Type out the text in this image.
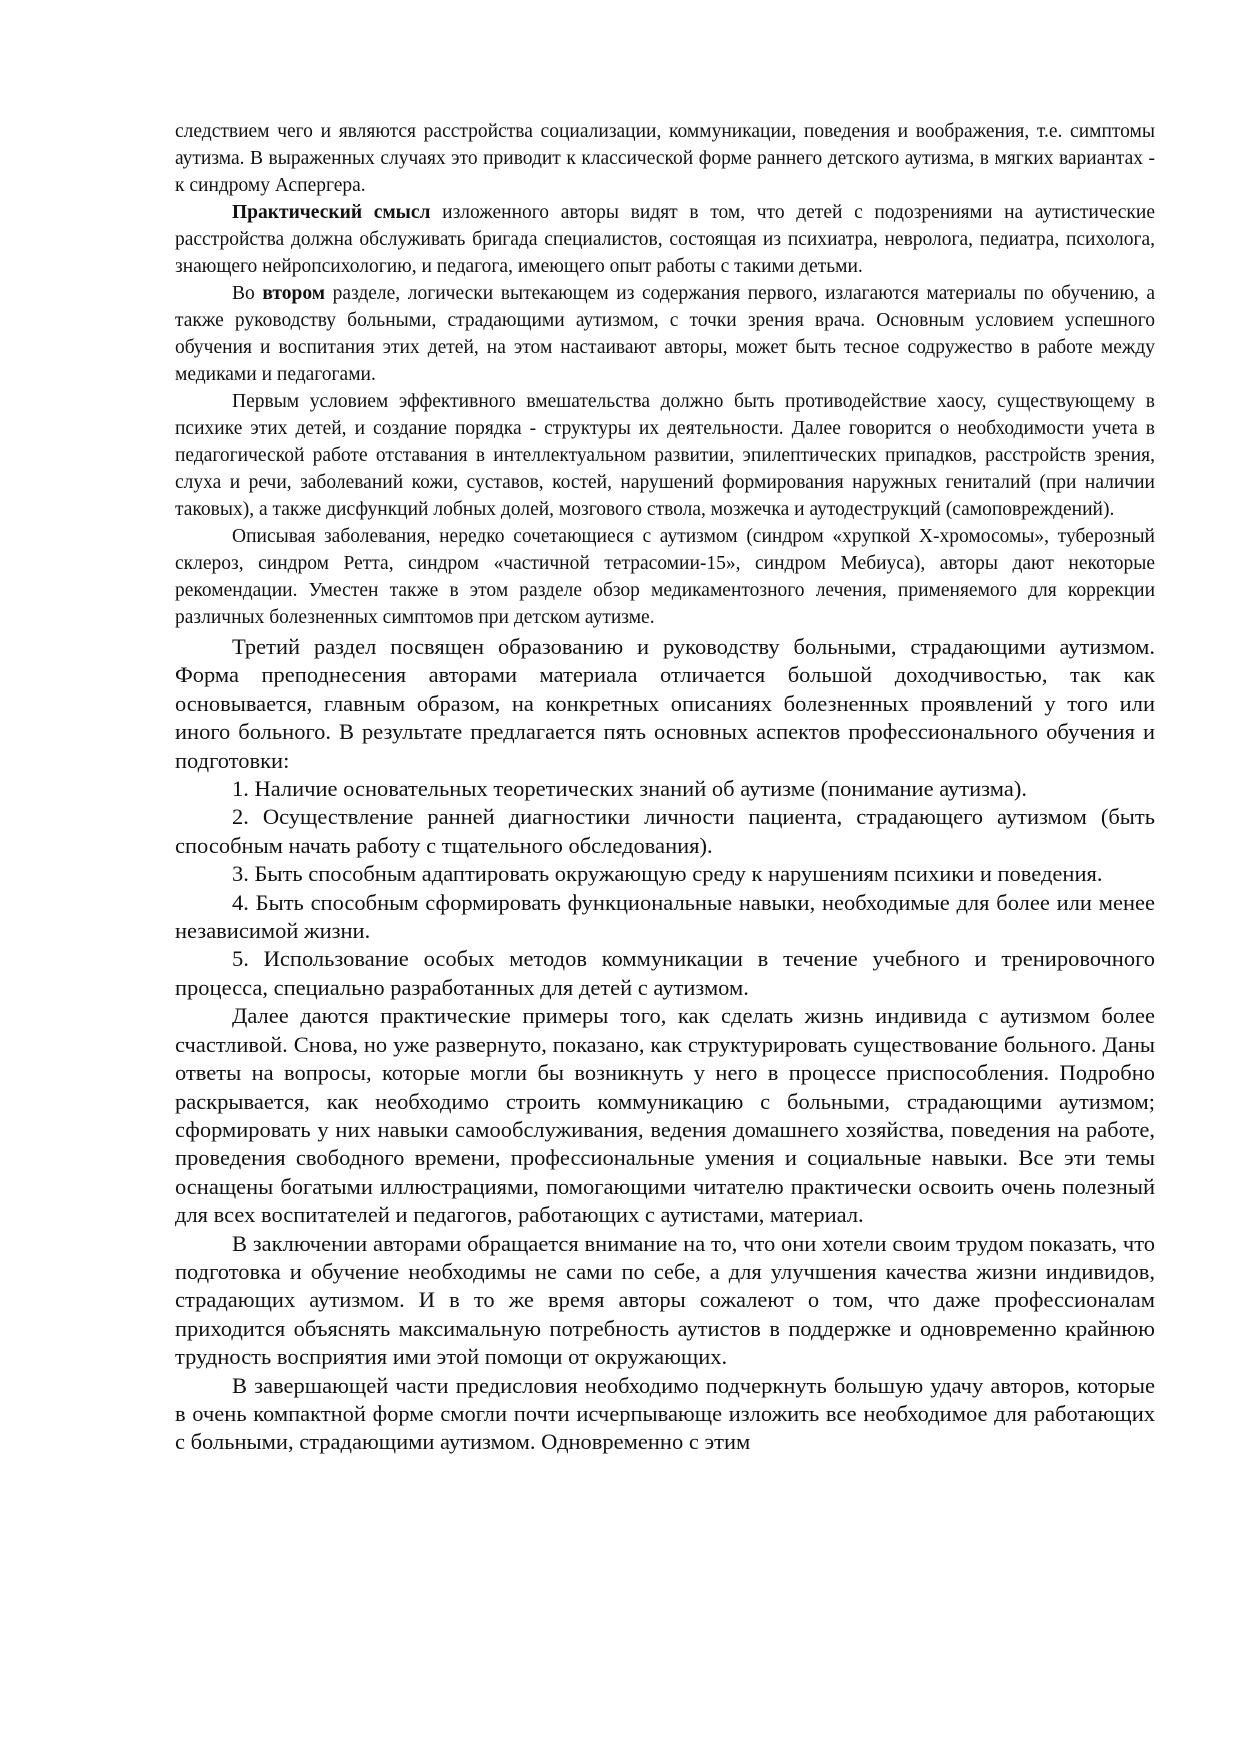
следствием чего и являются расстройства социализации, коммуникации, поведения и воображения, т.е. симптомы аутизма. В выраженных случаях это приводит к классической форме раннего детского аутизма, в мягких вариантах - к синдрому Аспергера.

Практический смысл изложенного авторы видят в том, что детей с подозрениями на аутистические расстройства должна обслуживать бригада специалистов, состоящая из психиатра, невролога, педиатра, психолога, знающего нейропсихологию, и педагога, имеющего опыт работы с такими детьми.

Во втором разделе, логически вытекающем из содержания первого, излагаются материалы по обучению, а также руководству больными, страдающими аутизмом, с точки зрения врача. Основным условием успешного обучения и воспитания этих детей, на этом настаивают авторы, может быть тесное содружество в работе между медиками и педагогами.

Первым условием эффективного вмешательства должно быть противодействие хаосу, существующему в психике этих детей, и создание порядка - структуры их деятельности. Далее говорится о необходимости учета в педагогической работе отставания в интеллектуальном развитии, эпилептических припадков, расстройств зрения, слуха и речи, заболеваний кожи, суставов, костей, нарушений формирования наружных гениталий (при наличии таковых), а также дисфункций лобных долей, мозгового ствола, мозжечка и аутодеструкций (самоповреждений).

Описывая заболевания, нередко сочетающиеся с аутизмом (синдром «хрупкой Х-хромосомы», туберозный склероз, синдром Ретта, синдром «частичной тетрасомии-15», синдром Мебиуса), авторы дают некоторые рекомендации. Уместен также в этом разделе обзор медикаментозного лечения, применяемого для коррекции различных болезненных симптомов при детском аутизме.

Третий раздел посвящен образованию и руководству больными, страдающими аутизмом. Форма преподнесения авторами материала отличается большой доходчивостью, так как основывается, главным образом, на конкретных описаниях болезненных проявлений у того или иного больного. В результате предлагается пять основных аспектов профессионального обучения и подготовки:

1. Наличие основательных теоретических знаний об аутизме (понимание аутизма).

2. Осуществление ранней диагностики личности пациента, страдающего аутизмом (быть способным начать работу с тщательного обследования).

3. Быть способным адаптировать окружающую среду к нарушениям психики и поведения.

4. Быть способным сформировать функциональные навыки, необходимые для более или менее независимой жизни.

5. Использование особых методов коммуникации в течение учебного и тренировочного процесса, специально разработанных для детей с аутизмом.

Далее даются практические примеры того, как сделать жизнь индивида с аутизмом более счастливой. Снова, но уже развернуто, показано, как структурировать существование больного. Даны ответы на вопросы, которые могли бы возникнуть у него в процессе приспособления. Подробно раскрывается, как необходимо строить коммуникацию с больными, страдающими аутизмом; сформировать у них навыки самообслуживания, ведения домашнего хозяйства, поведения на работе, проведения свободного времени, профессиональные умения и социальные навыки. Все эти темы оснащены богатыми иллюстрациями, помогающими читателю практически освоить очень полезный для всех воспитателей и педагогов, работающих с аутистами, материал.

В заключении авторами обращается внимание на то, что они хотели своим трудом показать, что подготовка и обучение необходимы не сами по себе, а для улучшения качества жизни индивидов, страдающих аутизмом. И в то же время авторы сожалеют о том, что даже профессионалам приходится объяснять максимальную потребность аутистов в поддержке и одновременно крайнюю трудность восприятия ими этой помощи от окружающих.

В завершающей части предисловия необходимо подчеркнуть большую удачу авторов, которые в очень компактной форме смогли почти исчерпывающе изложить все необходимое для работающих с больными, страдающими аутизмом. Одновременно с этим
